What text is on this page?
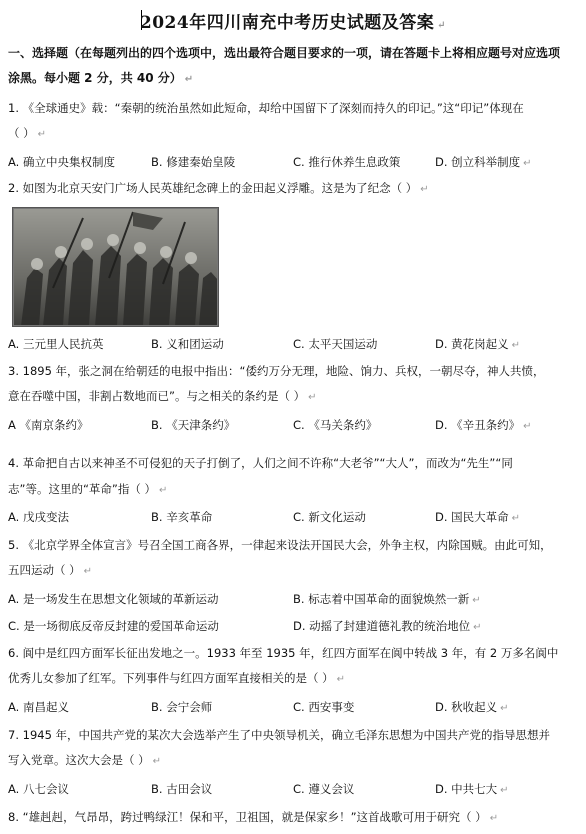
2024年四川南充中考历史试题及答案 ↵
一、选择题（在每题列出的四个选项中，选出最符合题目要求的一项，请在答题卡上将相应题号对应选项
涂黑。每小题 2 分，共 40 分） ↵
1. 《全球通史》载：“秦朝的统治虽然如此短命，却给中国留下了深刻而持久的印记。”这“印记”体现在
（ ） ↵
A. 确立中央集权制度	B. 修建秦始皇陵	C. 推行休养生息政策	D. 创立科举制度 ↵
2. 如图为北京天安门广场人民英雄纪念碑上的金田起义浮雕。这是为了纪念（ ） ↵
A. 三元里人民抗英	B. 义和团运动	C. 太平天国运动	D. 黄花岗起义 ↵
3. 1895 年，张之洞在给朝廷的电报中指出：“倭约万分无理，地险、饷力、兵权，一朝尽夺，神人共愤，
意在吞噬中国，非割占数地而已”。与之相关的条约是（ ） ↵
A 《南京条约》	B. 《天津条约》	C. 《马关条约》	D. 《辛丑条约》 ↵
4. 革命把自古以来神圣不可侵犯的天子打倒了，人们之间不许称“大老爷”“大人”，而改为“先生”“同
志”等。这里的“革命”指（ ） ↵
A. 戊戌变法	B. 辛亥革命	C. 新文化运动	D. 国民大革命 ↵
5. 《北京学界全体宣言》号召全国工商各界，一律起来设法开国民大会，外争主权，内除国贼。由此可知，
五四运动（ ） ↵
A. 是一场发生在思想文化领域的革新运动	B. 标志着中国革命的面貌焕然一新 ↵
C. 是一场彻底反帝反封建的爱国革命运动	D. 动摇了封建道德礼教的统治地位 ↵
6. 阆中是红四方面军长征出发地之一。1933 年至 1935 年，红四方面军在阆中转战 3 年，有 2 万多名阆中
优秀儿女参加了红军。下列事件与红四方面军直接相关的是（ ） ↵
A. 南昌起义	B. 会宁会师	C. 西安事变	D. 秋收起义 ↵
7. 1945 年，中国共产党的某次大会选举产生了中央领导机关，确立毛泽东思想为中国共产党的指导思想并
写入党章。这次大会是（ ） ↵
A. 八七会议	B. 古田会议	C. 遵义会议	D. 中共七大 ↵
8. “雄赳赳，气昂昂，跨过鸭绿江！保和平，卫祖国，就是保家乡！”这首战歌可用于研究（ ） ↵
